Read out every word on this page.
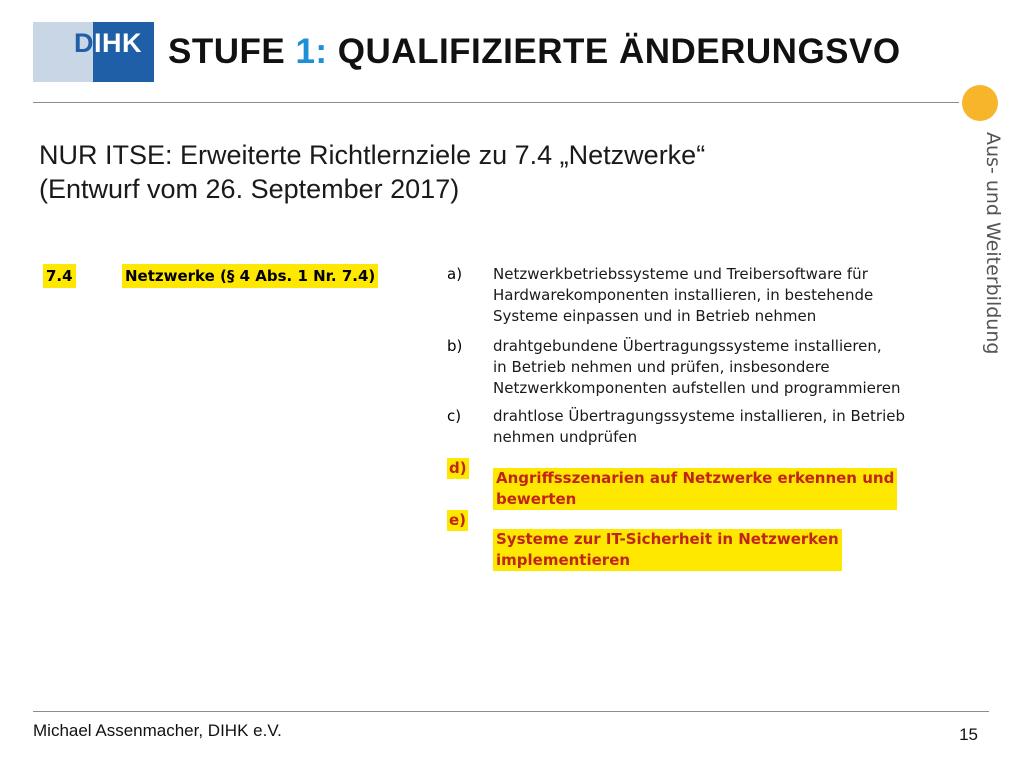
DIHK STUFE 1: QUALIFIZIERTE ÄNDERUNGSVO
Aus- und Weiterbildung
NUR ITSE: Erweiterte Richtlernziele zu 7.4 „Netzwerke“
(Entwurf vom 26. September 2017)
7.4	Netzwerke (§ 4 Abs. 1 Nr. 7.4)	a) Netzwerkbetriebssysteme und Treibersoftware für
Hardwarekomponenten installieren, in bestehende
Systeme einpassen und in Betrieb nehmen
b) drahtgebundene Übertragungssysteme installieren,
in Betrieb nehmen und prüfen, insbesondere
Netzwerkkomponenten aufstellen und programmieren
c) drahtlose Übertragungssysteme installieren, in Betrieb
nehmen undprüfen
d)
Angriffsszenarien auf Netzwerke erkennen und
bewerten
e)
Systeme zur IT-Sicherheit in Netzwerken
implementieren
Michael Assenmacher, DIHK e.V.	15
